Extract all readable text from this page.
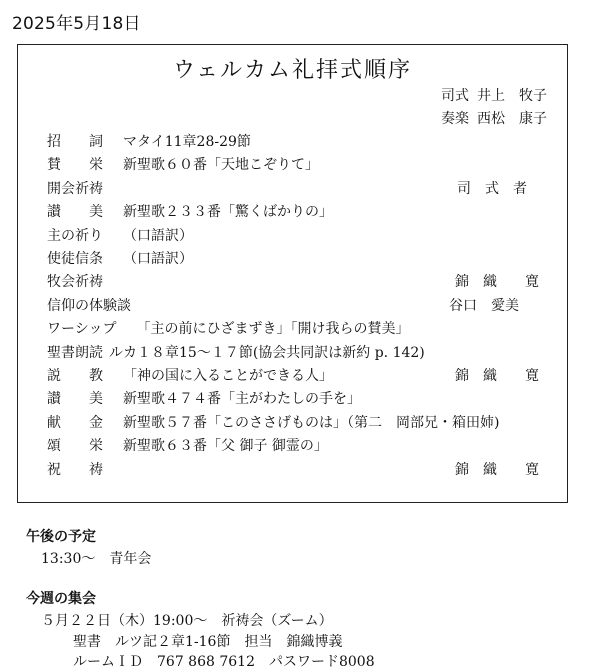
2025年5月18日
ウェルカム礼拝式順序
司式 井上　牧子
奏楽 西松　康子
招　　詞 マタイ11章28-29節
賛　　栄 新聖歌６０番「天地こぞりて」
開会祈祷	司　式　者
讃　　美 新聖歌２３３番「驚くばかりの」
主の祈り （口語訳）
使徒信条 （口語訳）
牧会祈祷	錦　織　　寛
信仰の体験談	谷口　愛美
ワーシップ 「主の前にひざまずき」「開け我らの賛美」
聖書朗読 ルカ１８章15～１７節(協会共同訳は新約 p. 142)
説　　教 「神の国に入ることができる人」	錦　織　　寛
讃　　美 新聖歌４７４番「主がわたしの手を」
献　　金 新聖歌５７番「このささげものは」（第二　岡部兄・箱田姉)
頌　　栄 新聖歌６３番「父 御子 御霊の」
祝　　祷	錦　織　　寛
午後の予定
13:30～　青年会
今週の集会
５月２２日（木）19:00～　祈祷会（ズーム）
聖書　ルツ記２章1-16節　担当　錦織博義
ルームＩＤ　767 868 7612　パスワード8008
